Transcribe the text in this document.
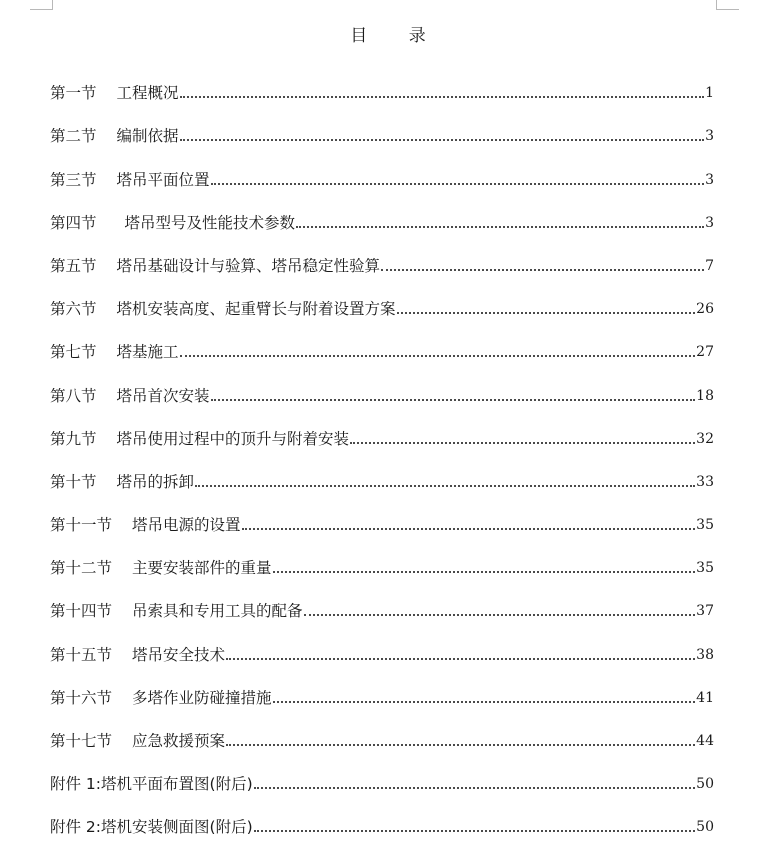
目 录
第一节 工程概况	1
第二节 编制依据	3
第三节 塔吊平面位置	3
第四节 塔吊型号及性能技术参数	3
第五节 塔吊基础设计与验算、塔吊稳定性验算	7
第六节 塔机安装高度、起重臂长与附着设置方案	26
第七节 塔基施工	27
第八节 塔吊首次安装	18
第九节 塔吊使用过程中的顶升与附着安装	32
第十节 塔吊的拆卸	33
第十一节 塔吊电源的设置	35
第十二节 主要安装部件的重量	35
第十四节 吊索具和专用工具的配备	37
第十五节 塔吊安全技术	38
第十六节 多塔作业防碰撞措施	41
第十七节 应急救援预案	44
附件 1: 塔机平面布置图(附后)	50
附件 2: 塔机安装侧面图(附后)	50
